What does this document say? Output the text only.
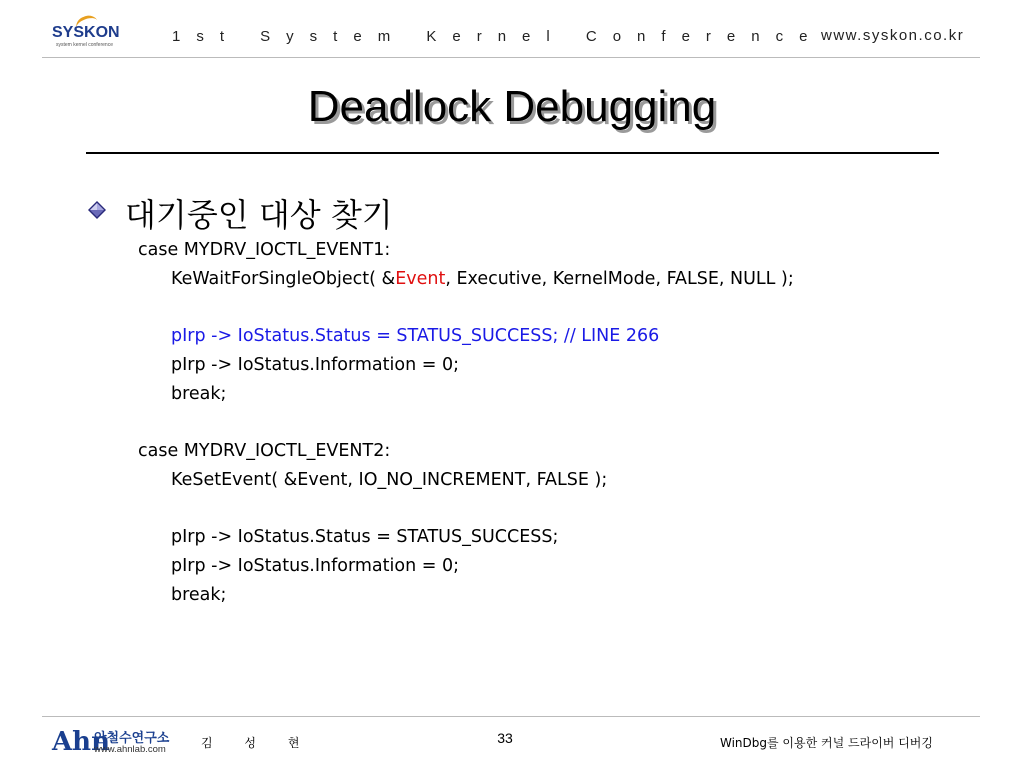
SYSKON
system kernel conference	1st System Kernel Conference
www.syskon.co.kr
Deadlock Debugging
대기중인 대상 찾기
case MYDRV_IOCTL_EVENT1:
KeWaitForSingleObject( &Event, Executive, KernelMode, FALSE, NULL );
pIrp -> IoStatus.Status = STATUS_SUCCESS; // LINE 266
pIrp -> IoStatus.Information = 0;
break;
case MYDRV_IOCTL_EVENT2:
KeSetEvent( &Event, IO_NO_INCREMENT, FALSE );
pIrp -> IoStatus.Status = STATUS_SUCCESS;
pIrp -> IoStatus.Information = 0;
break;
Ahn
안철수연구소
www.ahnlab.com	김 성 현	33	WinDbg를 이용한 커널 드라이버 디버깅
